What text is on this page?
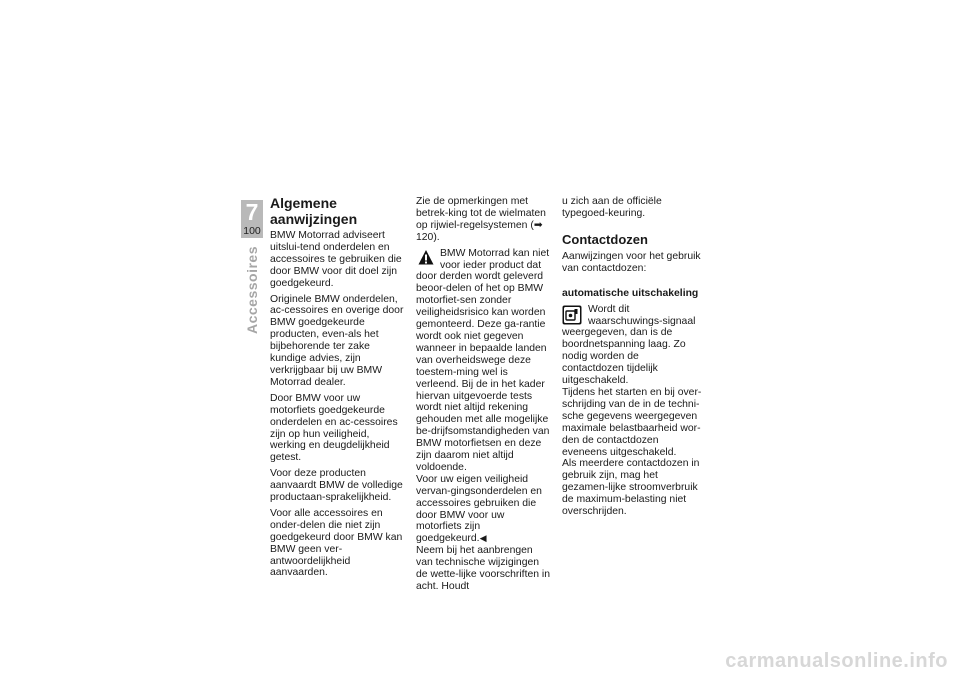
7
100
Accessoires
Algemene aanwijzingen

BMW Motorrad adviseert uitslui-tend onderdelen en accessoires te gebruiken die door BMW voor dit doel zijn goedgekeurd.

Originele BMW onderdelen, ac-cessoires en overige door BMW goedgekeurde producten, even-als het bijbehorende ter zake kundige advies, zijn verkrijgbaar bij uw BMW Motorrad dealer.

Door BMW voor uw motorfiets goedgekeurde onderdelen en ac-cessoires zijn op hun veiligheid, werking en deugdelijkheid getest.

Voor deze producten aanvaardt BMW de volledige productaan-sprakelijkheid.

Voor alle accessoires en onder-delen die niet zijn goedgekeurd door BMW kan BMW geen ver-antwoordelijkheid aanvaarden.

Zie de opmerkingen met betrek-king tot de wielmaten op rijwiel-regelsystemen (➡ 120).

BMW Motorrad kan niet voor ieder product dat door derden wordt geleverd beoor-delen of het op BMW motorfiet-sen zonder veiligheidsrisico kan worden gemonteerd. Deze ga-rantie wordt ook niet gegeven wanneer in bepaalde landen van overheidswege deze toestem-ming wel is verleend. Bij de in het kader hiervan uitgevoerde tests wordt niet altijd rekening gehouden met alle mogelijke be-drijfsomstandigheden van BMW motorfietsen en deze zijn daarom niet altijd voldoende.

Voor uw eigen veiligheid vervan-gingsonderdelen en accessoires gebruiken die door BMW voor uw motorfiets zijn goedgekeurd.◀

Neem bij het aanbrengen van technische wijzigingen de wette-lijke voorschriften in acht. Houdt

u zich aan de officiële typegoed-keuring.

Contactdozen

Aanwijzingen voor het gebruik van contactdozen:

automatische uitschakeling

Wordt dit waarschuwings-signaal weergegeven, dan is de boordnetspanning laag. Zo nodig worden de contactdozen tijdelijk uitgeschakeld.

Tijdens het starten en bij over-schrijding van de in de techni-sche gegevens weergegeven maximale belastbaarheid wor-den de contactdozen eveneens uitgeschakeld.

Als meerdere contactdozen in gebruik zijn, mag het gezamen-lijke stroomverbruik de maximum-belasting niet overschrijden.

carmanualsonline.info
